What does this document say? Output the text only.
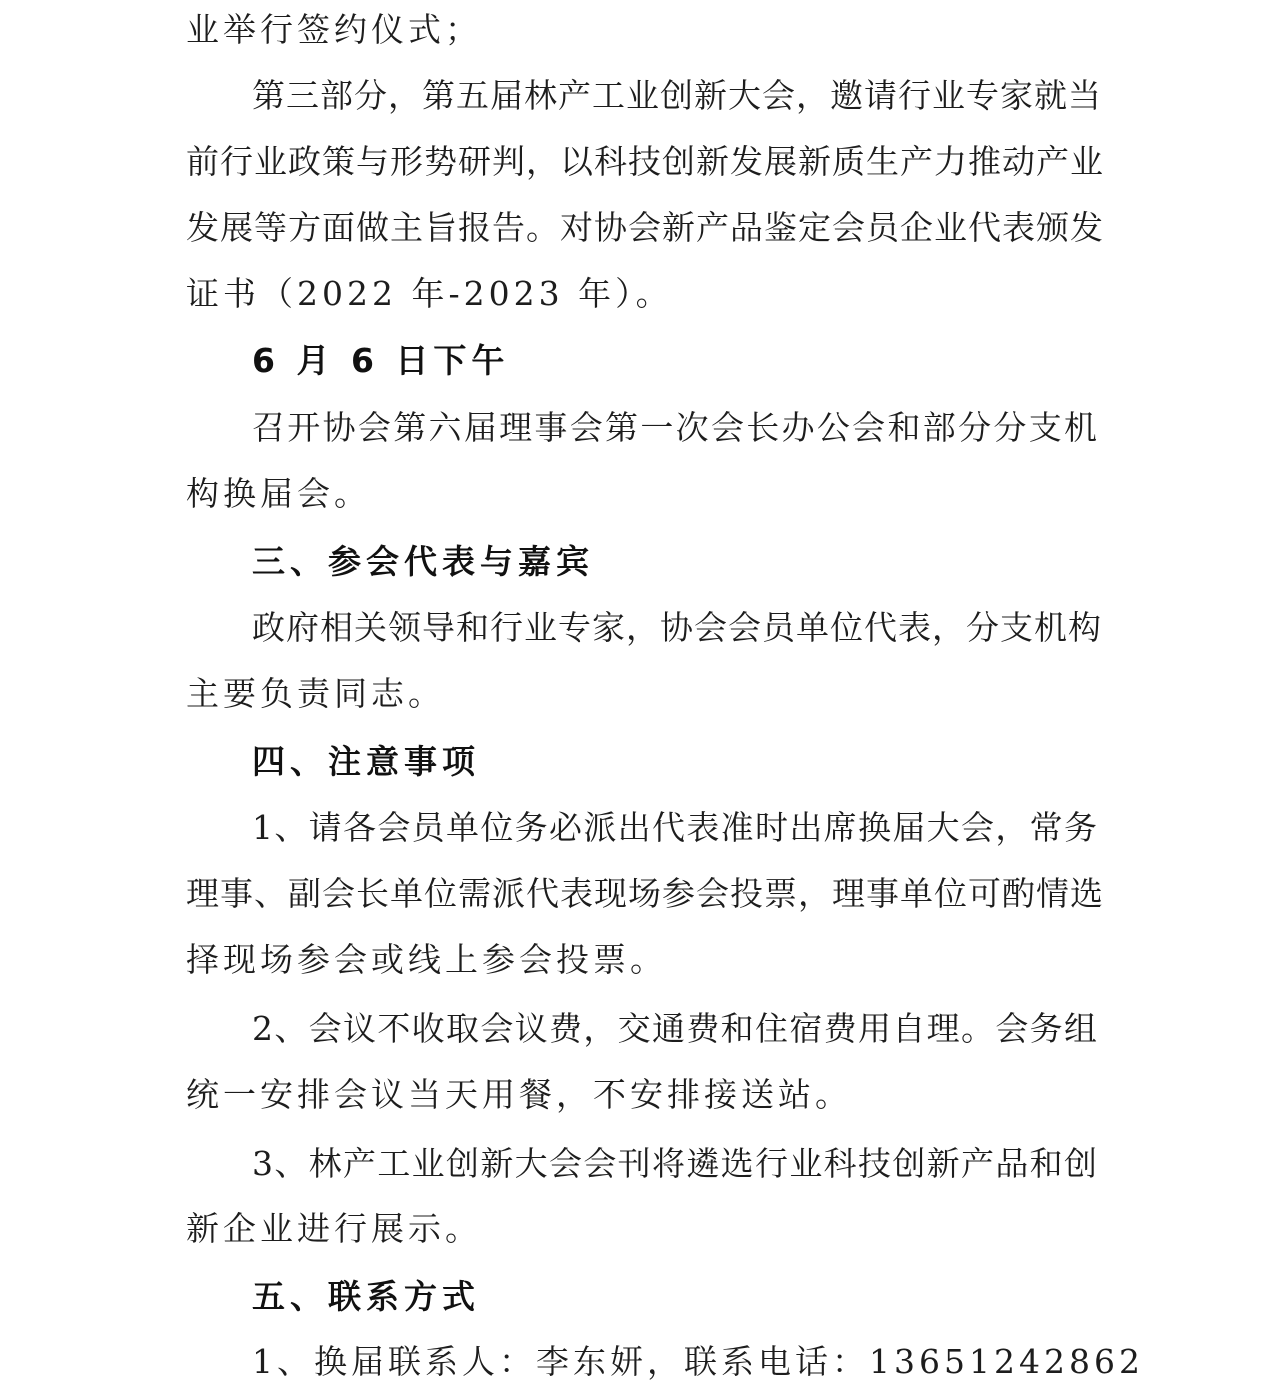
业举行签约仪式；

第三部分，第五届林产工业创新大会，邀请行业专家就当

前行业政策与形势研判，以科技创新发展新质生产力推动产业

发展等方面做主旨报告。对协会新产品鉴定会员企业代表颁发

证书（2022 年-2023 年）。

6 月 6 日下午

召开协会第六届理事会第一次会长办公会和部分分支机

构换届会。

三、参会代表与嘉宾

政府相关领导和行业专家，协会会员单位代表，分支机构

主要负责同志。

四、注意事项

1、请各会员单位务必派出代表准时出席换届大会，常务

理事、副会长单位需派代表现场参会投票，理事单位可酌情选

择现场参会或线上参会投票。

2、会议不收取会议费，交通费和住宿费用自理。会务组

统一安排会议当天用餐，不安排接送站。

3、林产工业创新大会会刊将遴选行业科技创新产品和创

新企业进行展示。

五、联系方式

1、换届联系人：李东妍，联系电话：13651242862
